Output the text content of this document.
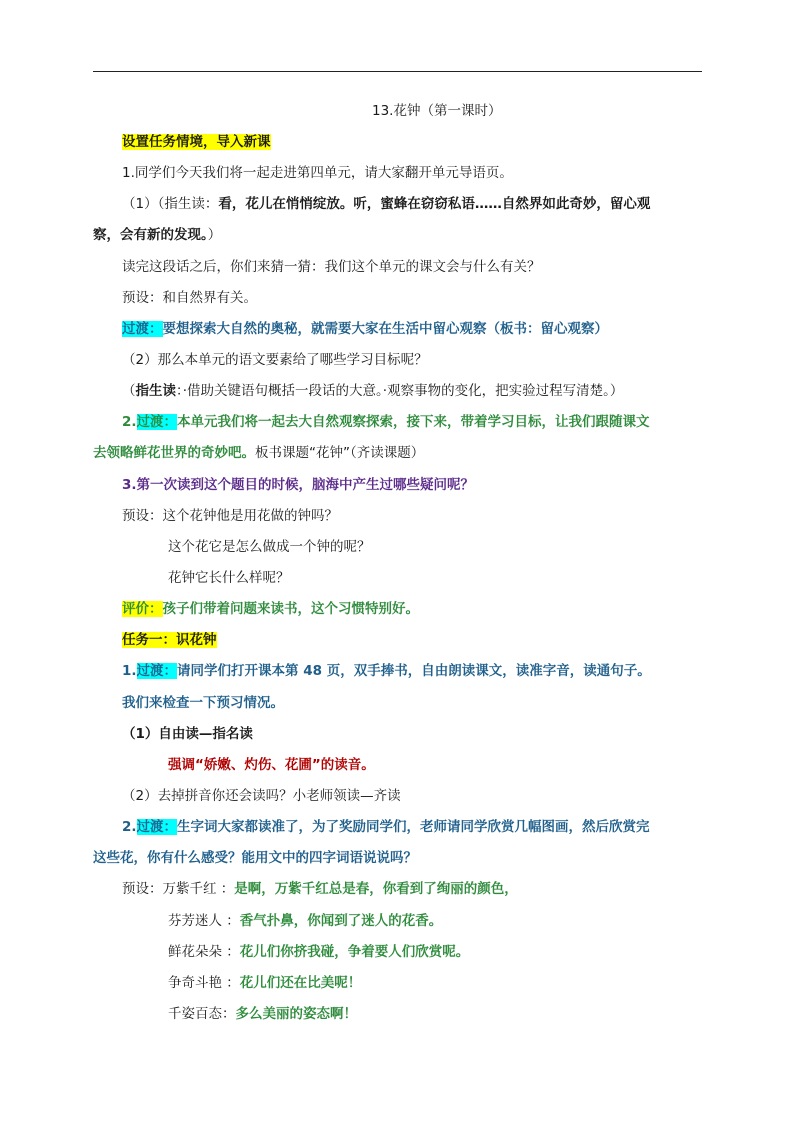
13.花钟（第一课时）
设置任务情境，导入新课
1.同学们今天我们将一起走进第四单元，请大家翻开单元导语页。
（1）（指生读：看，花儿在悄悄绽放。听，蜜蜂在窃窃私语……自然界如此奇妙，留心观
察，会有新的发现。）
读完这段话之后，你们来猜一猜：我们这个单元的课文会与什么有关？
预设：和自然界有关。
过渡：要想探索大自然的奥秘，就需要大家在生活中留心观察（板书：留心观察）
（2）那么本单元的语文要素给了哪些学习目标呢？
（指生读：·借助关键语句概括一段话的大意。·观察事物的变化，把实验过程写清楚。）
2.过渡：本单元我们将一起去大自然观察探索，接下来，带着学习目标，让我们跟随课文
去领略鲜花世界的奇妙吧。板书课题“花钟”（齐读课题）
3.第一次读到这个题目的时候，脑海中产生过哪些疑问呢？
预设：这个花钟他是用花做的钟吗？
这个花它是怎么做成一个钟的呢？
花钟它长什么样呢？
评价：孩子们带着问题来读书，这个习惯特别好。
任务一：识花钟
1.过渡：请同学们打开课本第 48 页，双手捧书，自由朗读课文，读准字音，读通句子。
我们来检查一下预习情况。
（1）自由读—指名读
强调“娇嫩、灼伤、花圃”的读音。
（2）去掉拼音你还会读吗？小老师领读—齐读
2.过渡：生字词大家都读准了，为了奖励同学们，老师请同学欣赏几幅图画，然后欣赏完
这些花，你有什么感受？能用文中的四字词语说说吗？
预设：万紫千红 ：是啊，万紫千红总是春，你看到了绚丽的颜色，
芬芳迷人 ：香气扑鼻，你闻到了迷人的花香。
鲜花朵朵 ：花儿们你挤我碰，争着要人们欣赏呢。
争奇斗艳 ：花儿们还在比美呢！
千姿百态：多么美丽的姿态啊！
